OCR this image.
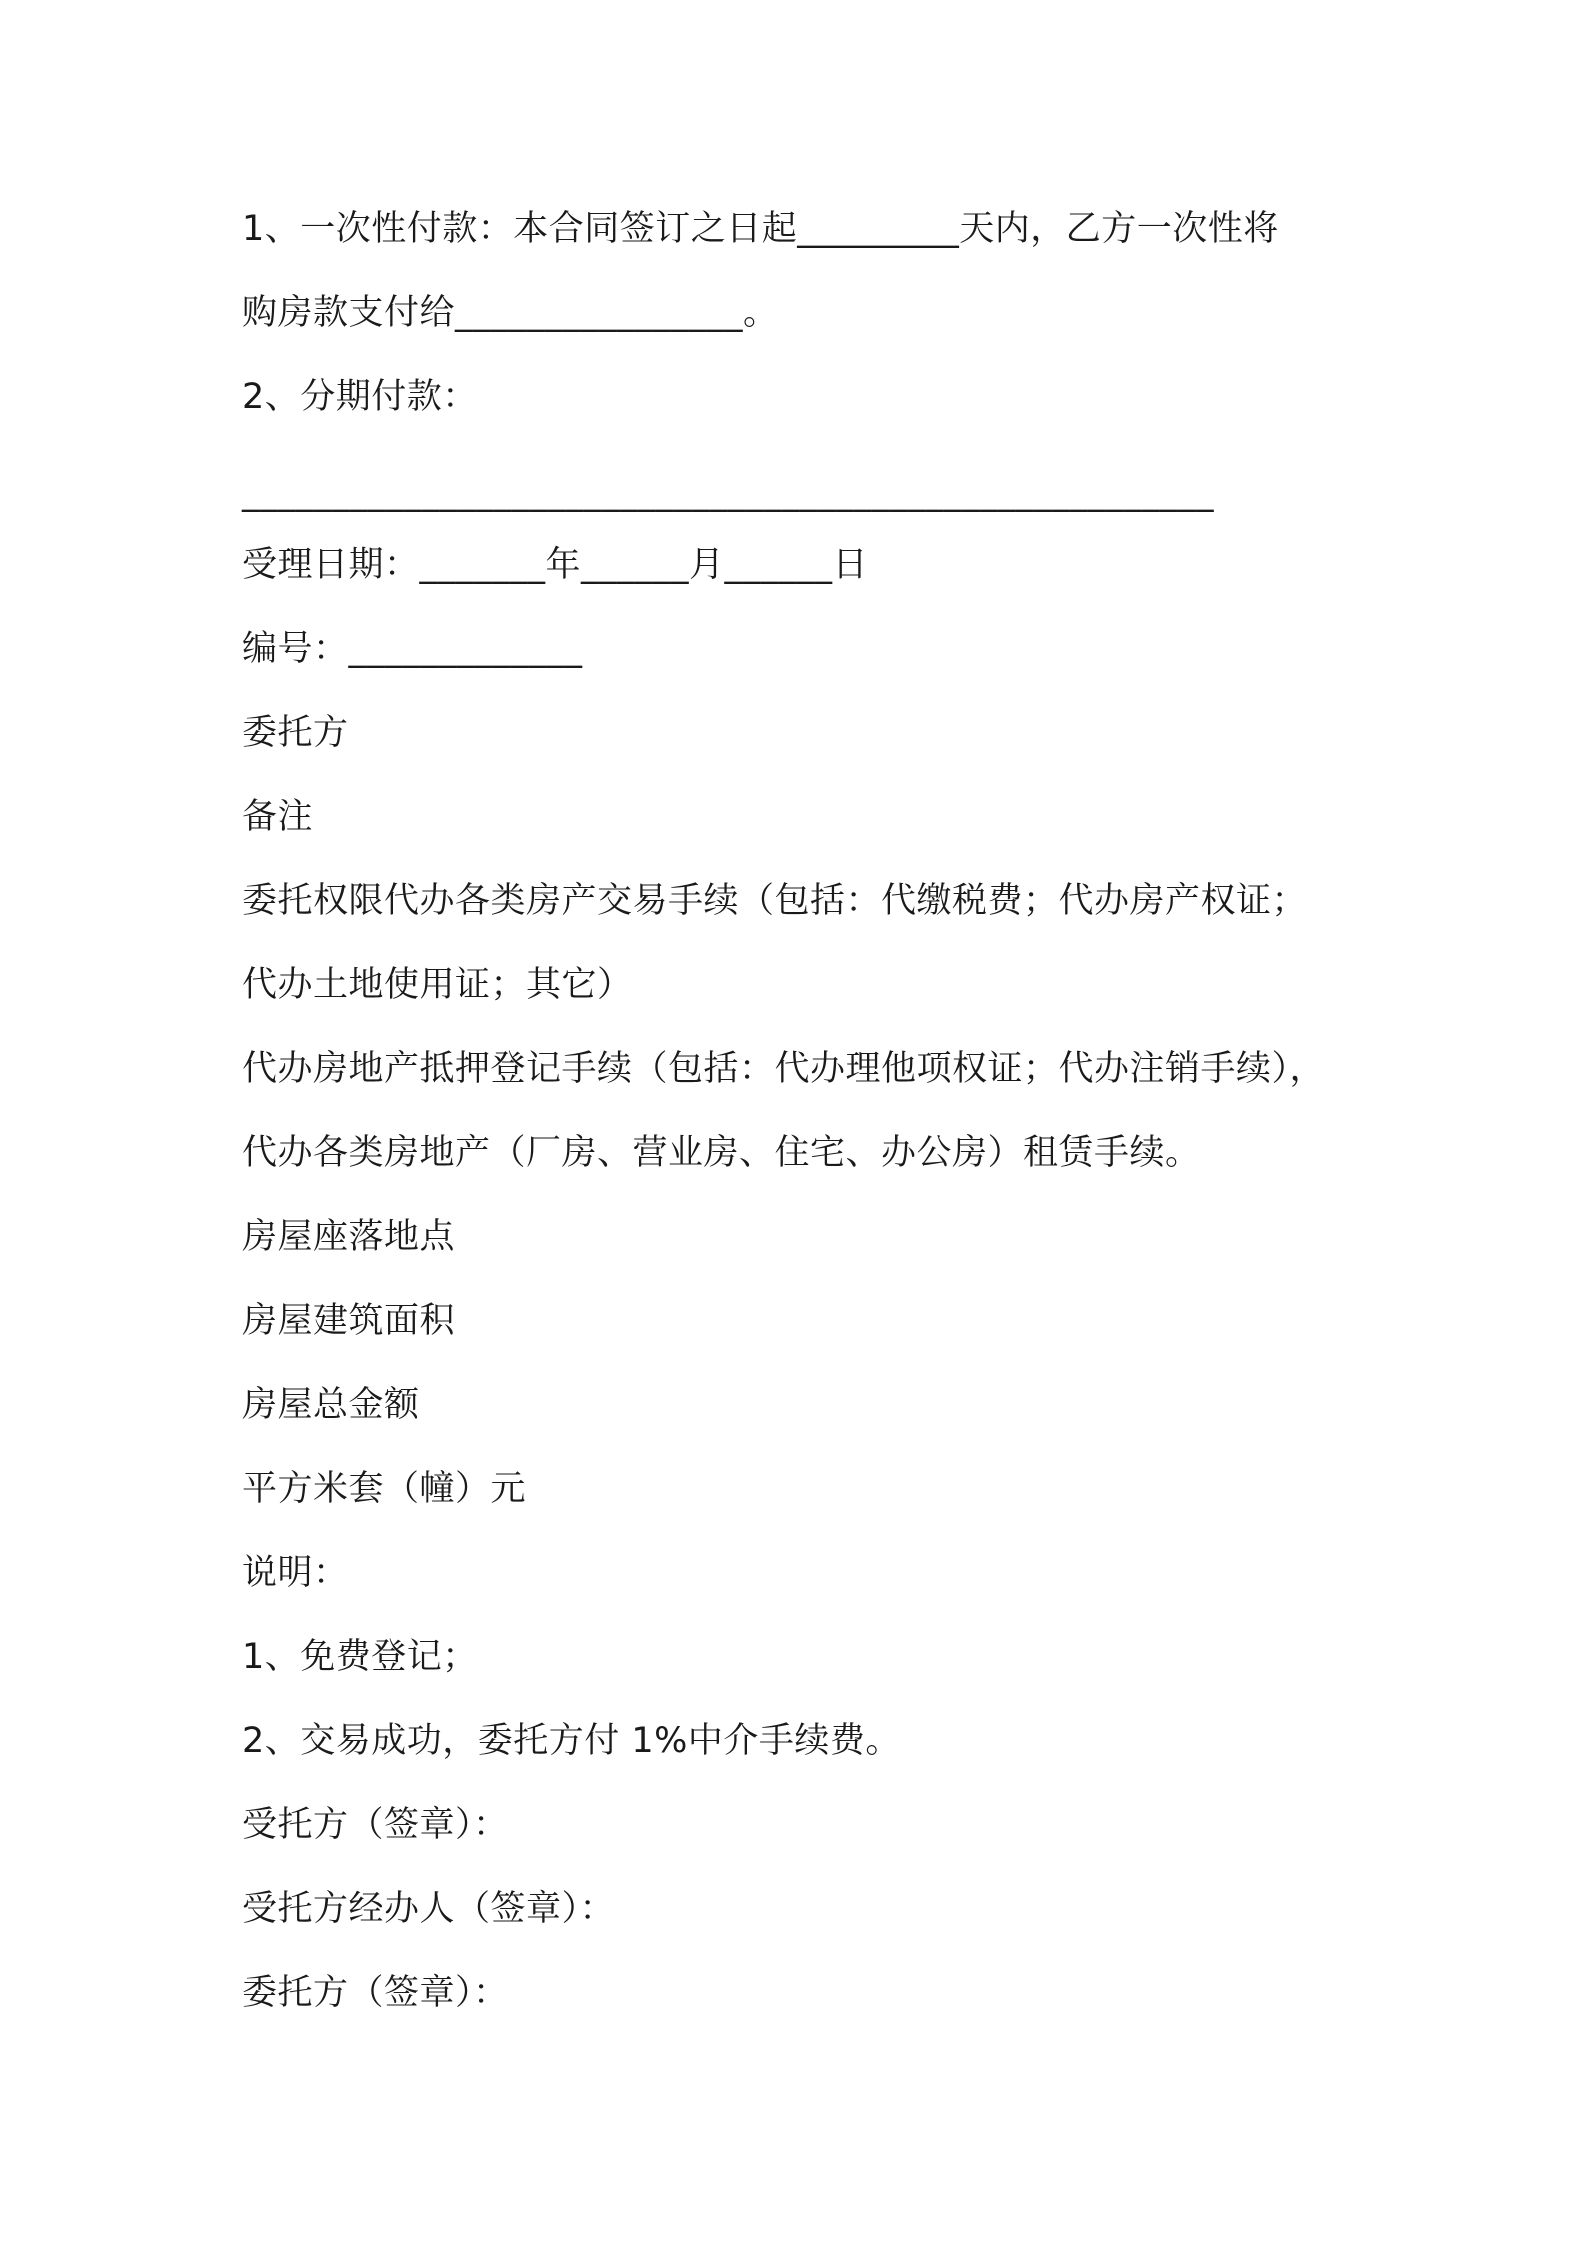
1、一次性付款：本合同签订之日起_________天内，乙方一次性将
购房款支付给________________。
2、分期付款：
______________________________________________________
受理日期：_______年______月______日
编号：_____________
委托方
备注
委托权限代办各类房产交易手续（包括：代缴税费；代办房产权证；
代办土地使用证；其它）
代办房地产抵押登记手续（包括：代办理他项权证；代办注销手续），
代办各类房地产（厂房、营业房、住宅、办公房）租赁手续。
房屋座落地点
房屋建筑面积
房屋总金额
平方米套（幢）元
说明：
1、免费登记；
2、交易成功，委托方付 1%中介手续费。
受托方（签章）：
受托方经办人（签章）：
委托方（签章）：
